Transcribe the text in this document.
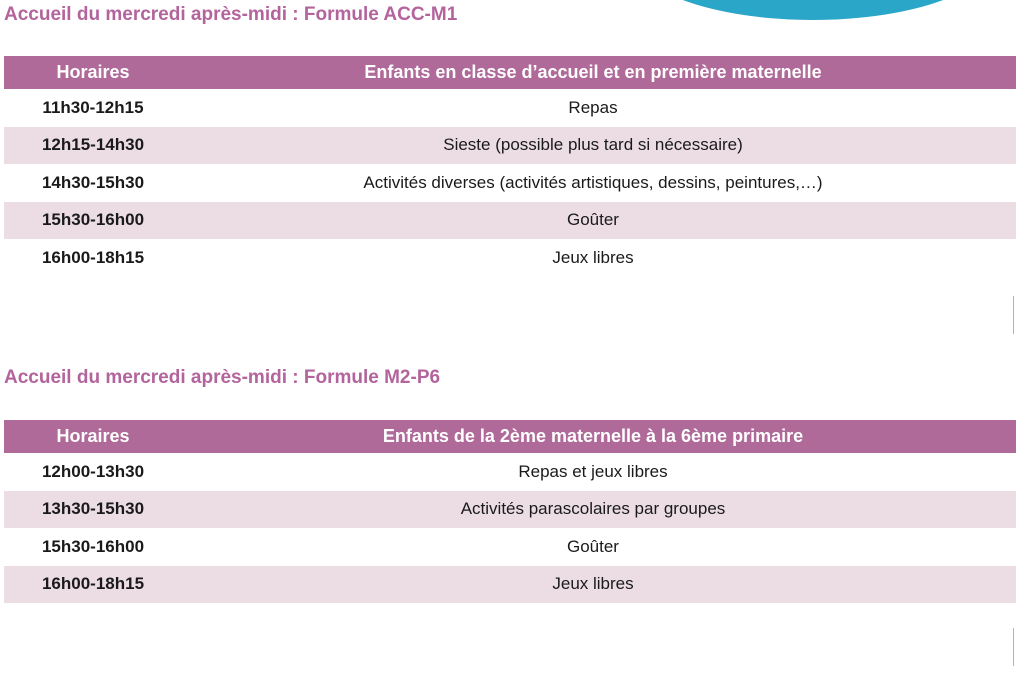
Accueil du mercredi après-midi : Formule ACC-M1
Horaires	Enfants en classe d’accueil et en première maternelle
11h30-12h15	Repas
12h15-14h30	Sieste (possible plus tard si nécessaire)
14h30-15h30	Activités diverses (activités artistiques, dessins, peintures,…)
15h30-16h00	Goûter
16h00-18h15	Jeux libres
Accueil du mercredi après-midi : Formule M2-P6
Horaires	Enfants de la 2ème maternelle à la 6ème primaire
12h00-13h30	Repas et jeux libres
13h30-15h30	Activités parascolaires par groupes
15h30-16h00	Goûter
16h00-18h15	Jeux libres
